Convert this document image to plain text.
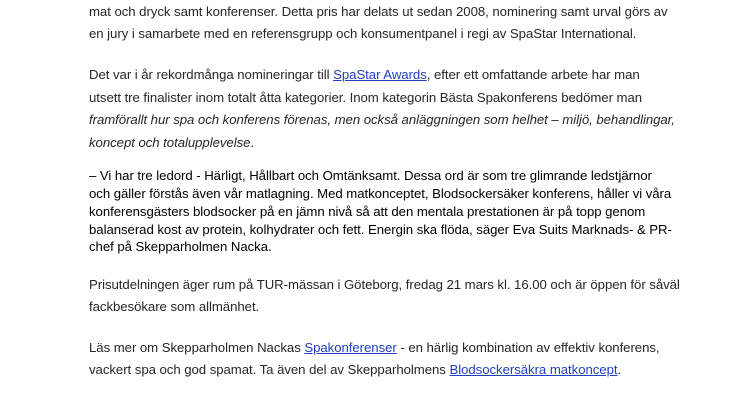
mat och dryck samt konferenser. Detta pris har delats ut sedan 2008, nominering samt urval görs av
en jury i samarbete med en referensgrupp och konsumentpanel i regi av SpaStar International.
Det var i år rekordmånga nomineringar till SpaStar Awards, efter ett omfattande arbete har man
utsett tre finalister inom totalt åtta kategorier. Inom kategorin Bästa Spakonferens bedömer man
framförallt hur spa och konferens förenas, men också anläggningen som helhet – miljö, behandlingar,
koncept och totalupplevelse.
– Vi har tre ledord - Härligt, Hållbart och Omtänksamt. Dessa ord är som tre glimrande ledstjärnor
och gäller förstås även vår matlagning. Med matkonceptet, Blodsockersäker konferens, håller vi våra
konferensgästers blodsocker på en jämn nivå så att den mentala prestationen är på topp genom
balanserad kost av protein, kolhydrater och fett. Energin ska flöda, säger Eva Suits Marknads- & PR-
chef på Skepparholmen Nacka.
Prisutdelningen äger rum på TUR-mässan i Göteborg, fredag 21 mars kl. 16.00 och är öppen för såväl
fackbesökare som allmänhet.
Läs mer om Skepparholmen Nackas Spakonferenser - en härlig kombination av effektiv konferens,
vackert spa och god spamat. Ta även del av Skepparholmens Blodsockersäkra matkoncept.
